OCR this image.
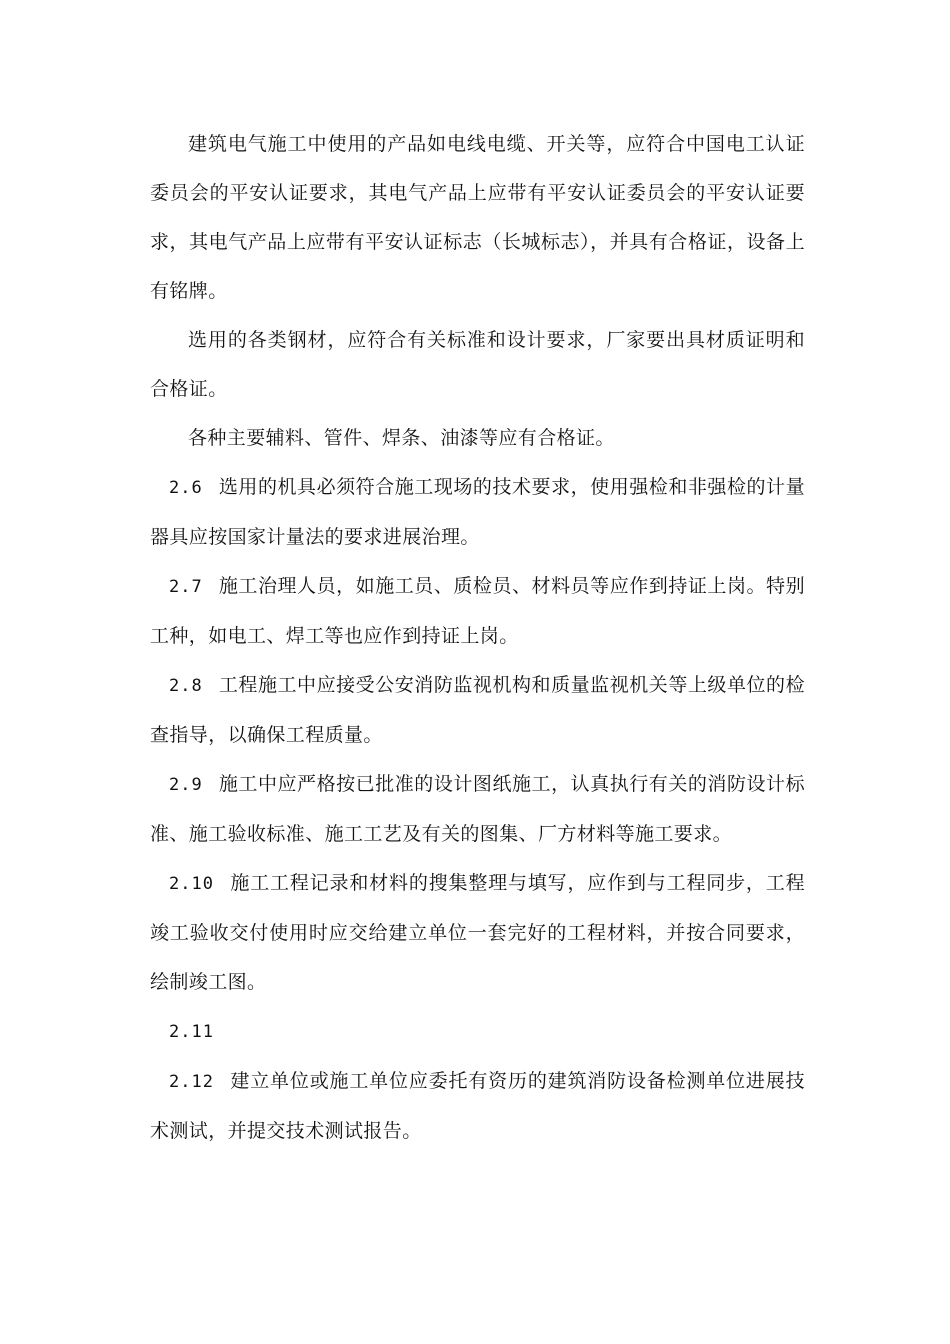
建筑电气施工中使用的产品如电线电缆、开关等，应符合中国电工认证委员会的平安认证要求，其电气产品上应带有平安认证委员会的平安认证要求，其电气产品上应带有平安认证标志（长城标志），并具有合格证，设备上有铭牌。

选用的各类钢材，应符合有关标准和设计要求，厂家要出具材质证明和合格证。

各种主要辅料、管件、焊条、油漆等应有合格证。

2.6 选用的机具必须符合施工现场的技术要求，使用强检和非强检的计量器具应按国家计量法的要求进展治理。

2.7 施工治理人员，如施工员、质检员、材料员等应作到持证上岗。特别工种，如电工、焊工等也应作到持证上岗。

2.8 工程施工中应接受公安消防监视机构和质量监视机关等上级单位的检查指导，以确保工程质量。

2.9 施工中应严格按已批准的设计图纸施工，认真执行有关的消防设计标准、施工验收标准、施工工艺及有关的图集、厂方材料等施工要求。

2.10 施工工程记录和材料的搜集整理与填写，应作到与工程同步，工程竣工验收交付使用时应交给建立单位一套完好的工程材料，并按合同要求，绘制竣工图。

2.11

2.12 建立单位或施工单位应委托有资历的建筑消防设备检测单位进展技术测试，并提交技术测试报告。
